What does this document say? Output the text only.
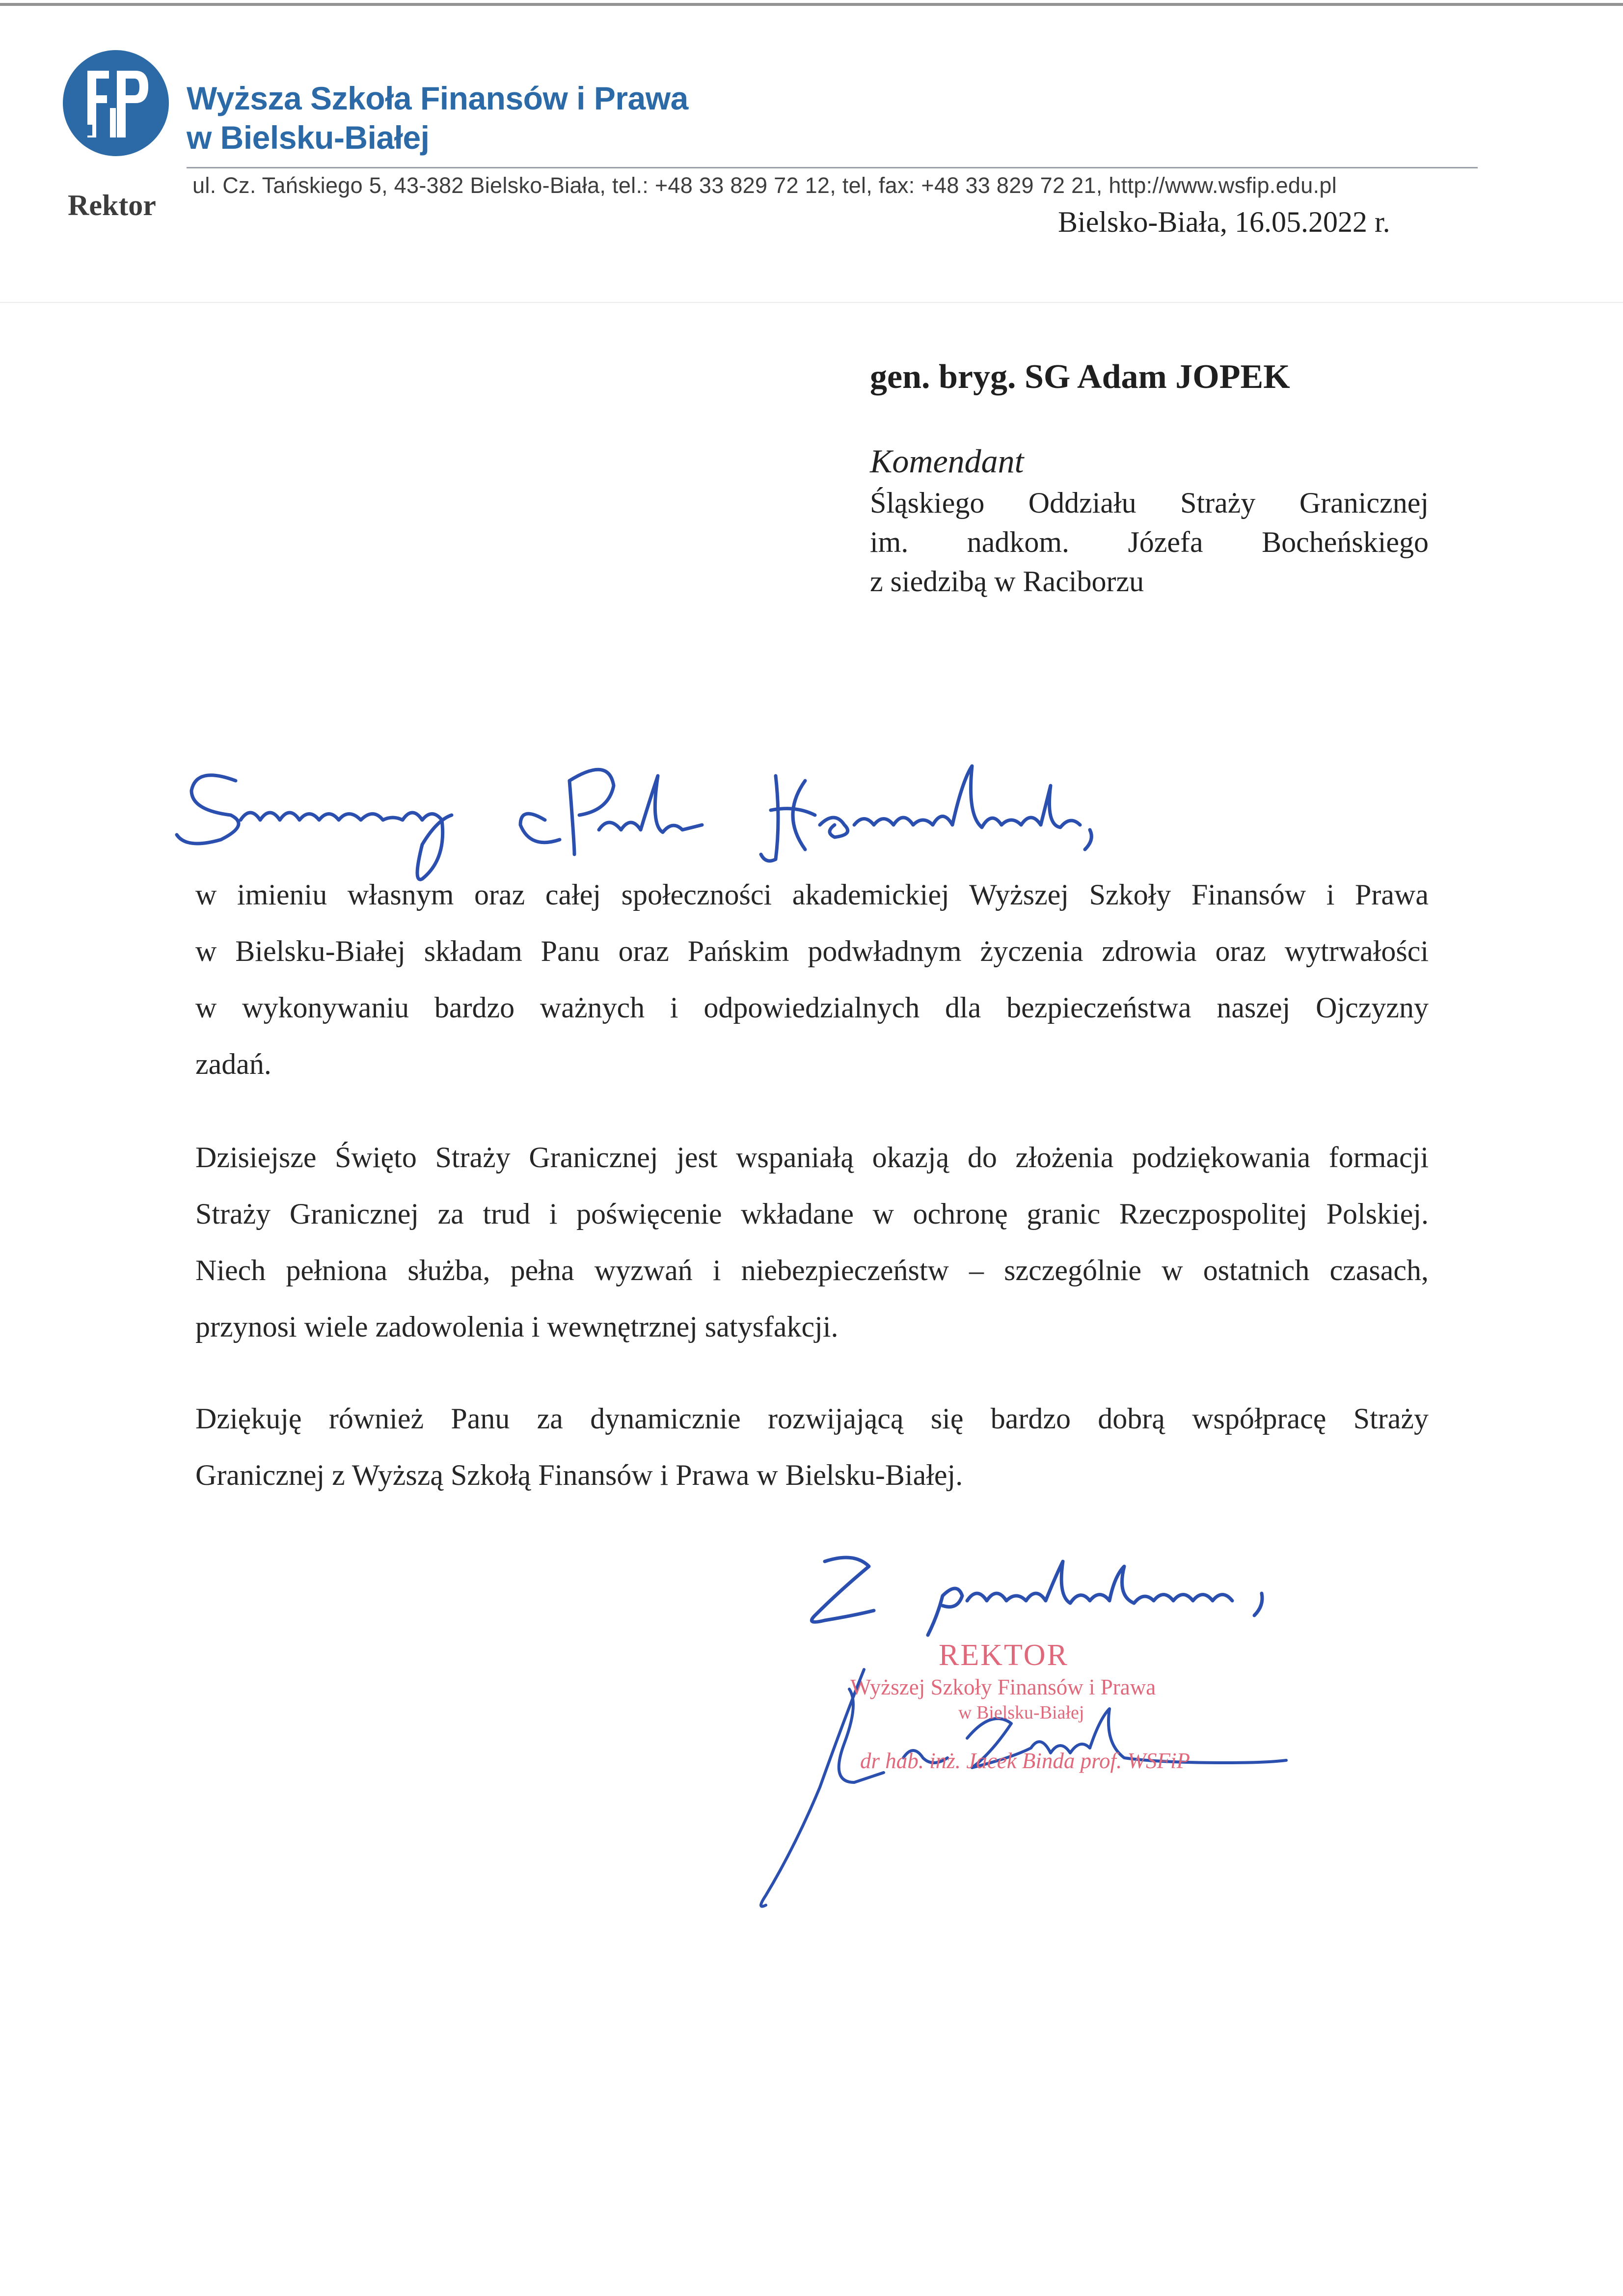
Wyższa Szkoła Finansów i Prawa
w Bielsku-Białej
ul. Cz. Tańskiego 5, 43-382 Bielsko-Biała, tel.: +48 33 829 72 12, tel, fax: +48 33 829 72 21, http://www.wsfip.edu.pl
Rektor
Bielsko-Biała, 16.05.2022 r.
gen. bryg. SG Adam JOPEK
Komendant
Śląskiego Oddziału Straży Granicznej
im. nadkom. Józefa Bocheńskiego
z siedzibą w Raciborzu
w imieniu własnym oraz całej społeczności akademickiej Wyższej Szkoły Finansów i Prawa
w Bielsku-Białej składam Panu oraz Pańskim podwładnym życzenia zdrowia oraz wytrwałości
w wykonywaniu bardzo ważnych i odpowiedzialnych dla bezpieczeństwa naszej Ojczyzny
zadań.
Dzisiejsze Święto Straży Granicznej jest wspaniałą okazją do złożenia podziękowania formacji
Straży Granicznej za trud i poświęcenie wkładane w ochronę granic Rzeczpospolitej Polskiej.
Niech pełniona służba, pełna wyzwań i niebezpieczeństw – szczególnie w ostatnich czasach,
przynosi wiele zadowolenia i wewnętrznej satysfakcji.
Dziękuję również Panu za dynamicznie rozwijającą się bardzo dobrą współpracę Straży
Granicznej z Wyższą Szkołą Finansów i Prawa w Bielsku-Białej.
REKTOR
Wyższej Szkoły Finansów i Prawa
w Bielsku-Białej
dr hab. inż. Jacek Binda prof. WSFiP
